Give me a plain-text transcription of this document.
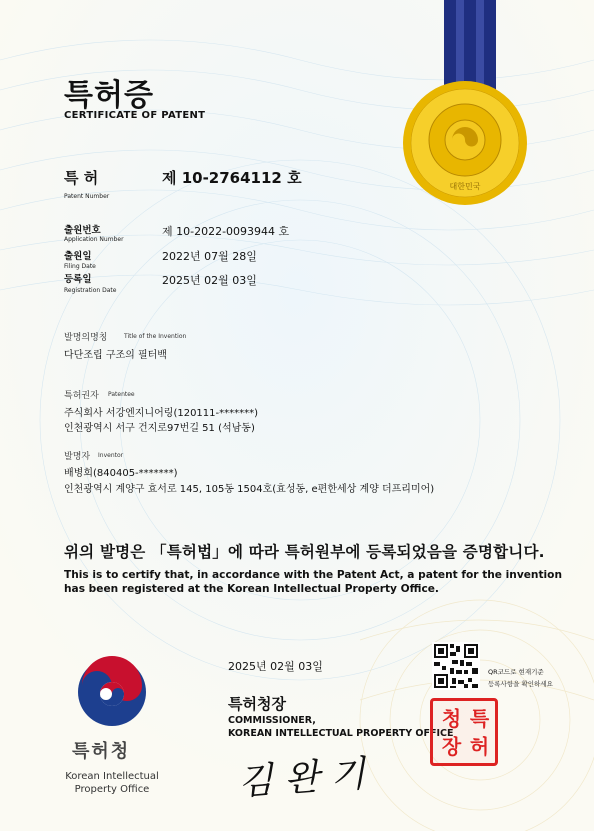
대한민국
특허증
CERTIFICATE OF PATENT
특 허
Patent Number
제 10-2764112 호
출원번호
Application Number
제 10-2022-0093944 호
출원일
Filing Date
2022년 07월 28일
등록일
Registration Date
2025년 02월 03일
발명의명칭	Title of the Invention
다단조립 구조의 필터백
특허권자 Patentee
주식회사 서강엔지니어링(120111-*******)
인천광역시 서구 건지로97번길 51 (석남동)
발명자 Inventor
배병희(840405-*******)
인천광역시 계양구 효서로 145, 105동 1504호(효성동, e편한세상 계양 더프리미어)
위의 발명은 「특허법」에 따라 특허원부에 등록되었음을 증명합니다.
This is to certify that, in accordance with the Patent Act, a patent for the invention
has been registered at the Korean Intellectual Property Office.
특허청
Korean Intellectual
Property Office
2025년 02월 03일
특허청장
COMMISSIONER,
KOREAN INTELLECTUAL PROPERTY OFFICE
김 완 기
QR코드로 현재기준
등록사항을 확인하세요
특
허
청
장
